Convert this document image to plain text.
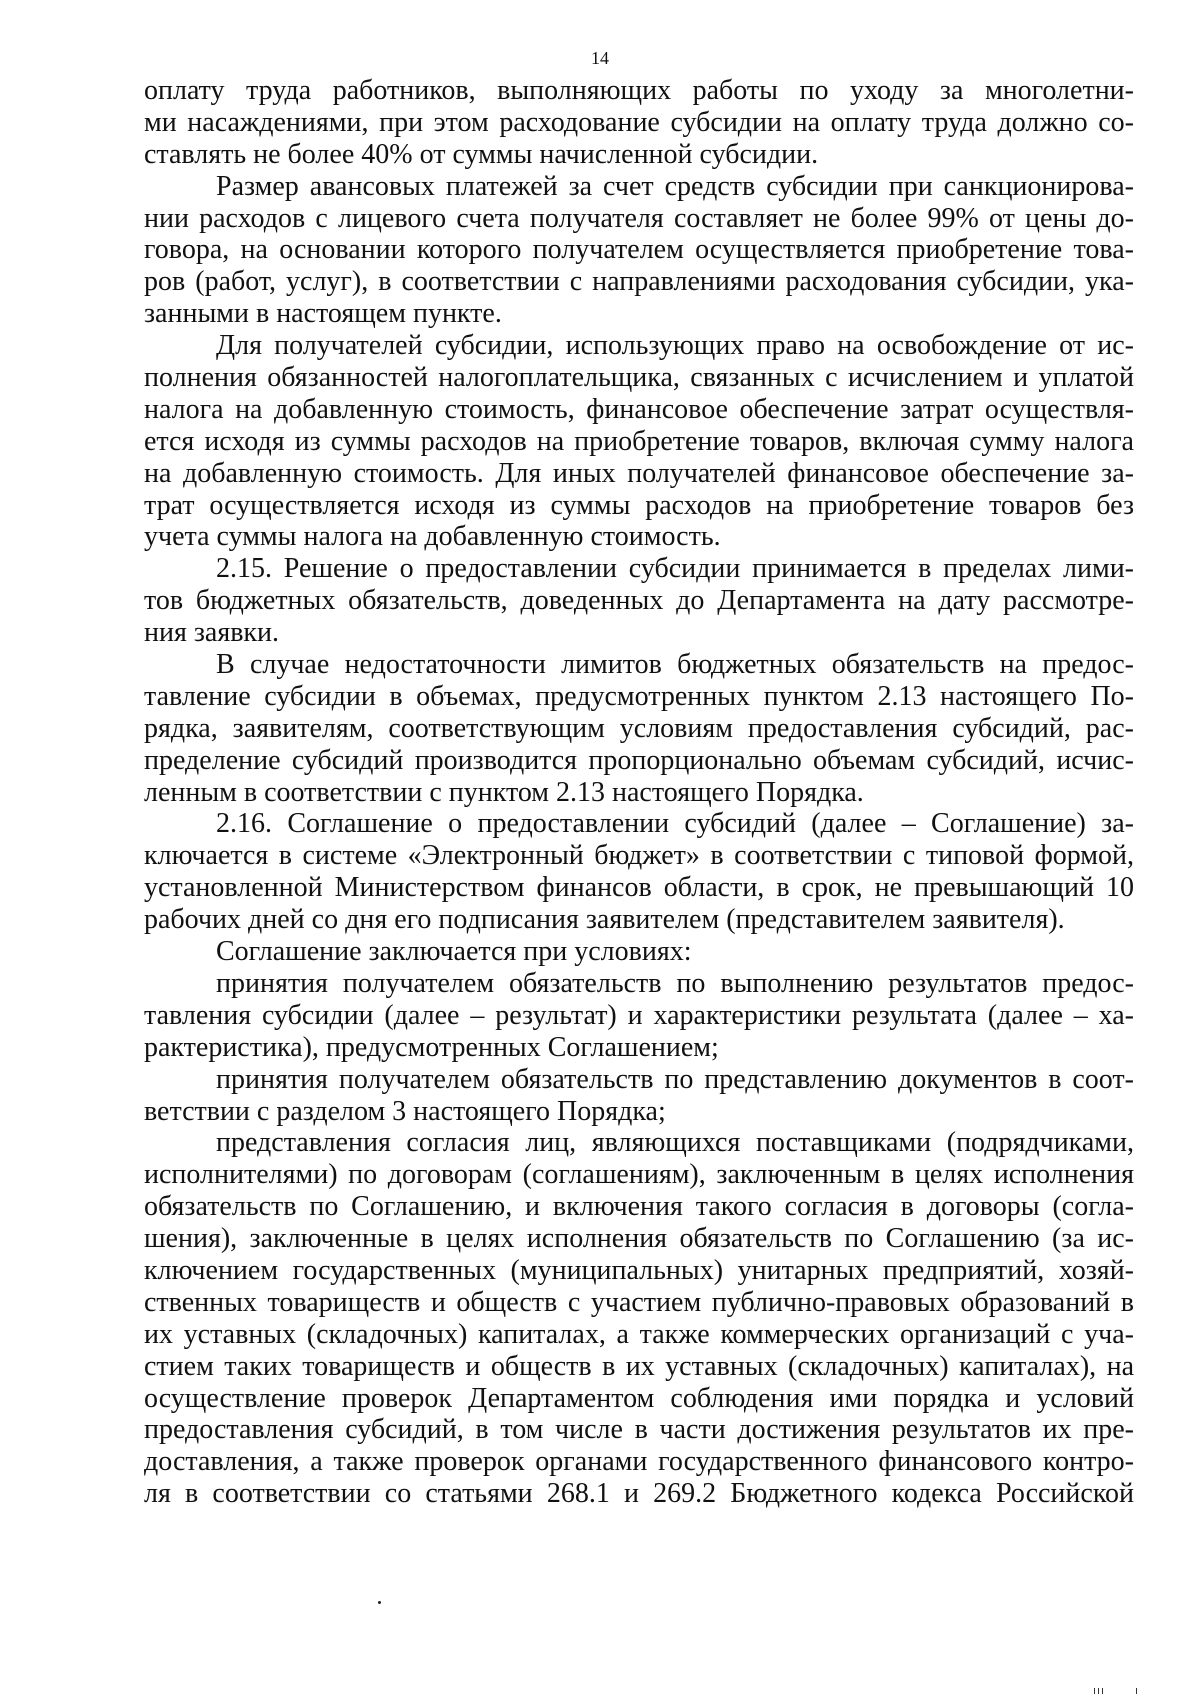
14
оплату труда работников, выполняющих работы по уходу за многолетни-
ми насаждениями, при этом расходование субсидии на оплату труда должно со-
ставлять не более 40% от суммы начисленной субсидии.
Размер авансовых платежей за счет средств субсидии при санкционирова-
нии расходов с лицевого счета получателя составляет не более 99% от цены до-
говора, на основании которого получателем осуществляется приобретение това-
ров (работ, услуг), в соответствии с направлениями расходования субсидии, ука-
занными в настоящем пункте.
Для получателей субсидии, использующих право на освобождение от ис-
полнения обязанностей налогоплательщика, связанных с исчислением и уплатой
налога на добавленную стоимость, финансовое обеспечение затрат осуществля-
ется исходя из суммы расходов на приобретение товаров, включая сумму налога
на добавленную стоимость. Для иных получателей финансовое обеспечение за-
трат осуществляется исходя из суммы расходов на приобретение товаров без
учета суммы налога на добавленную стоимость.
2.15. Решение о предоставлении субсидии принимается в пределах лими-
тов бюджетных обязательств, доведенных до Департамента на дату рассмотре-
ния заявки.
В случае недостаточности лимитов бюджетных обязательств на предос-
тавление субсидии в объемах, предусмотренных пунктом 2.13 настоящего По-
рядка, заявителям, соответствующим условиям предоставления субсидий, рас-
пределение субсидий производится пропорционально объемам субсидий, исчис-
ленным в соответствии с пунктом 2.13 настоящего Порядка.
2.16. Соглашение о предоставлении субсидий (далее – Соглашение) за-
ключается в системе «Электронный бюджет» в соответствии с типовой формой,
установленной Министерством финансов области, в срок, не превышающий 10
рабочих дней со дня его подписания заявителем (представителем заявителя).
Соглашение заключается при условиях:
принятия получателем обязательств по выполнению результатов предос-
тавления субсидии (далее – результат) и характеристики результата (далее – ха-
рактеристика), предусмотренных Соглашением;
принятия получателем обязательств по представлению документов в соот-
ветствии с разделом 3 настоящего Порядка;
представления согласия лиц, являющихся поставщиками (подрядчиками,
исполнителями) по договорам (соглашениям), заключенным в целях исполнения
обязательств по Соглашению, и включения такого согласия в договоры (согла-
шения), заключенные в целях исполнения обязательств по Соглашению (за ис-
ключением государственных (муниципальных) унитарных предприятий, хозяй-
ственных товариществ и обществ с участием публично-правовых образований в
их уставных (складочных) капиталах, а также коммерческих организаций с уча-
стием таких товариществ и обществ в их уставных (складочных) капиталах), на
осуществление проверок Департаментом соблюдения ими порядка и условий
предоставления субсидий, в том числе в части достижения результатов их пре-
доставления, а также проверок органами государственного финансового контро-
ля в соответствии со статьями 268.1 и 269.2 Бюджетного кодекса Российской
